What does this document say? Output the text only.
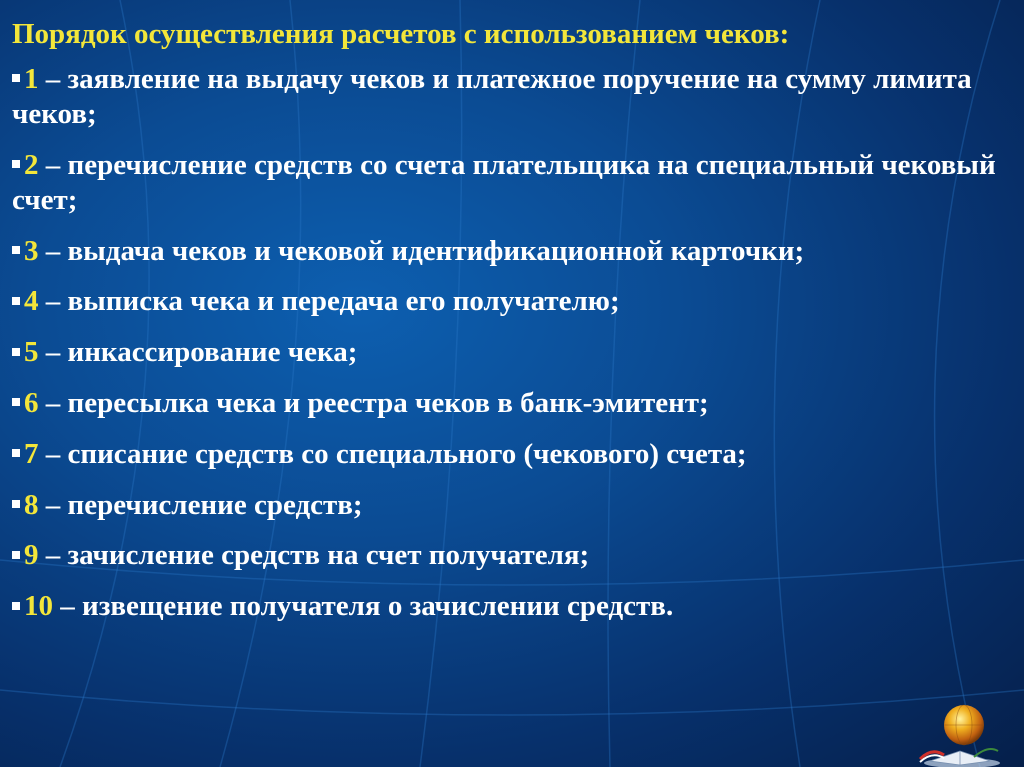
Порядок осуществления расчетов с использованием чеков:
1 – заявление на выдачу чеков и платежное поручение на сумму лимита чеков;
2 – перечисление средств со счета плательщика на специальный чековый счет;
3 – выдача чеков и чековой идентификационной карточки;
4 – выписка чека и передача его получателю;
5 – инкассирование чека;
6 – пересылка чека и реестра чеков в банк-эмитент;
7 – списание средств со специального (чекового) счета;
8 – перечисление средств;
9 – зачисление средств на счет получателя;
10 – извещение получателя о зачислении средств.
